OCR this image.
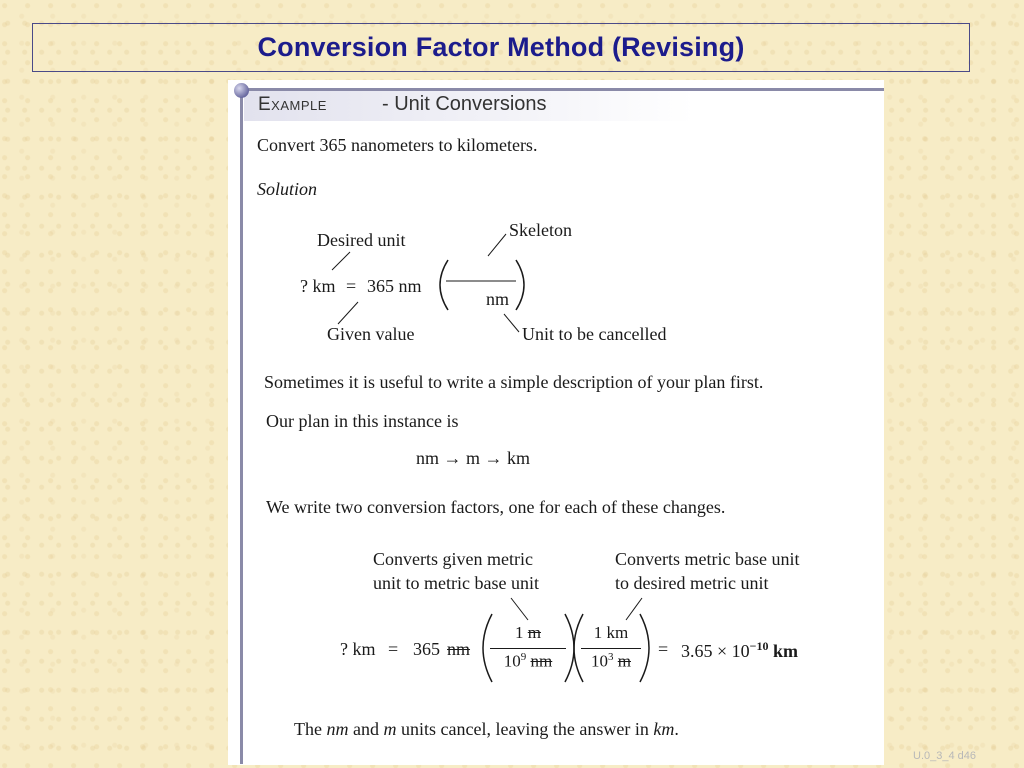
Conversion Factor Method (Revising)
Example	- Unit Conversions
Convert 365 nanometers to kilometers.
Solution
Desired unit	Skeleton
? km = 365 nm
nm
Given value	Unit to be cancelled
Sometimes it is useful to write a simple description of your plan first.
Our plan in this instance is
nm → m → km
We write two conversion factors, one for each of these changes.
Converts given metric
unit to metric base unit
Converts metric base unit
to desired metric unit
? km = 365 nm
1 m
$10^9$ nm
1 km
$10^3$ m
= $3.65 \times 10^{-10}$ km
The nm and m units cancel, leaving the answer in km.
U.0_3_4 d46
